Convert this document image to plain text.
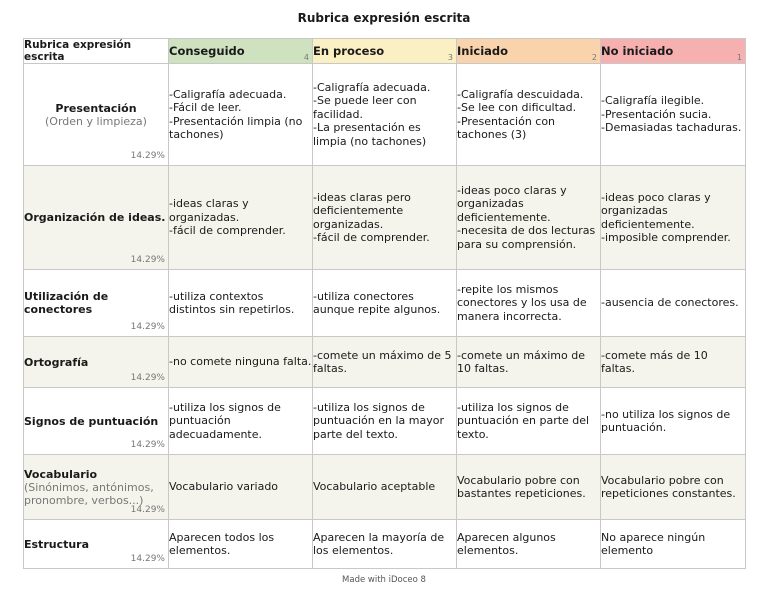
Rubrica expresión escrita
Rubrica expresión escrita	Conseguido 4	En proceso 3	Iniciado 2	No iniciado 1

Presentación
(Orden y limpieza)
14.29%	-Caligrafía adecuada.
-Fácil de leer.
-Presentación limpia (no tachones)	-Caligrafía adecuada.
-Se puede leer con facilidad.
-La presentación es limpia (no tachones)	-Caligrafía descuidada.
-Se lee con dificultad.
-Presentación con tachones (3)	-Caligrafía ilegible.
-Presentación sucia.
-Demasiadas tachaduras.

Organización de ideas.
14.29%	-ideas claras y organizadas.
-fácil de comprender.	-ideas claras pero deficientemente organizadas.
-fácil de comprender.	-ideas poco claras y organizadas deficientemente.
-necesita de dos lecturas para su comprensión.	-ideas poco claras y organizadas deficientemente.
-imposible comprender.

Utilización de conectores
14.29%	-utiliza contextos distintos sin repetirlos.	-utiliza conectores aunque repite algunos.	-repite los mismos conectores y los usa de manera incorrecta.	-ausencia de conectores.

Ortografía
14.29%	-no comete ninguna falta.	-comete un máximo de 5 faltas.	-comete un máximo de 10 faltas.	-comete más de 10 faltas.

Signos de puntuación
14.29%	-utiliza los signos de puntuación adecuadamente.	-utiliza los signos de puntuación en la mayor parte del texto.	-utiliza los signos de puntuación en parte del texto.	-no utiliza los signos de puntuación.

Vocabulario
(Sinónimos, antónimos, pronombre, verbos...)
14.29%	Vocabulario variado	Vocabulario aceptable	Vocabulario pobre con bastantes repeticiones.	Vocabulario pobre con repeticiones constantes.

Estructura
14.29%	Aparecen todos los elementos.	Aparecen la mayoría de los elementos.	Aparecen algunos elementos.	No aparece ningún elemento
Made with iDoceo 8
